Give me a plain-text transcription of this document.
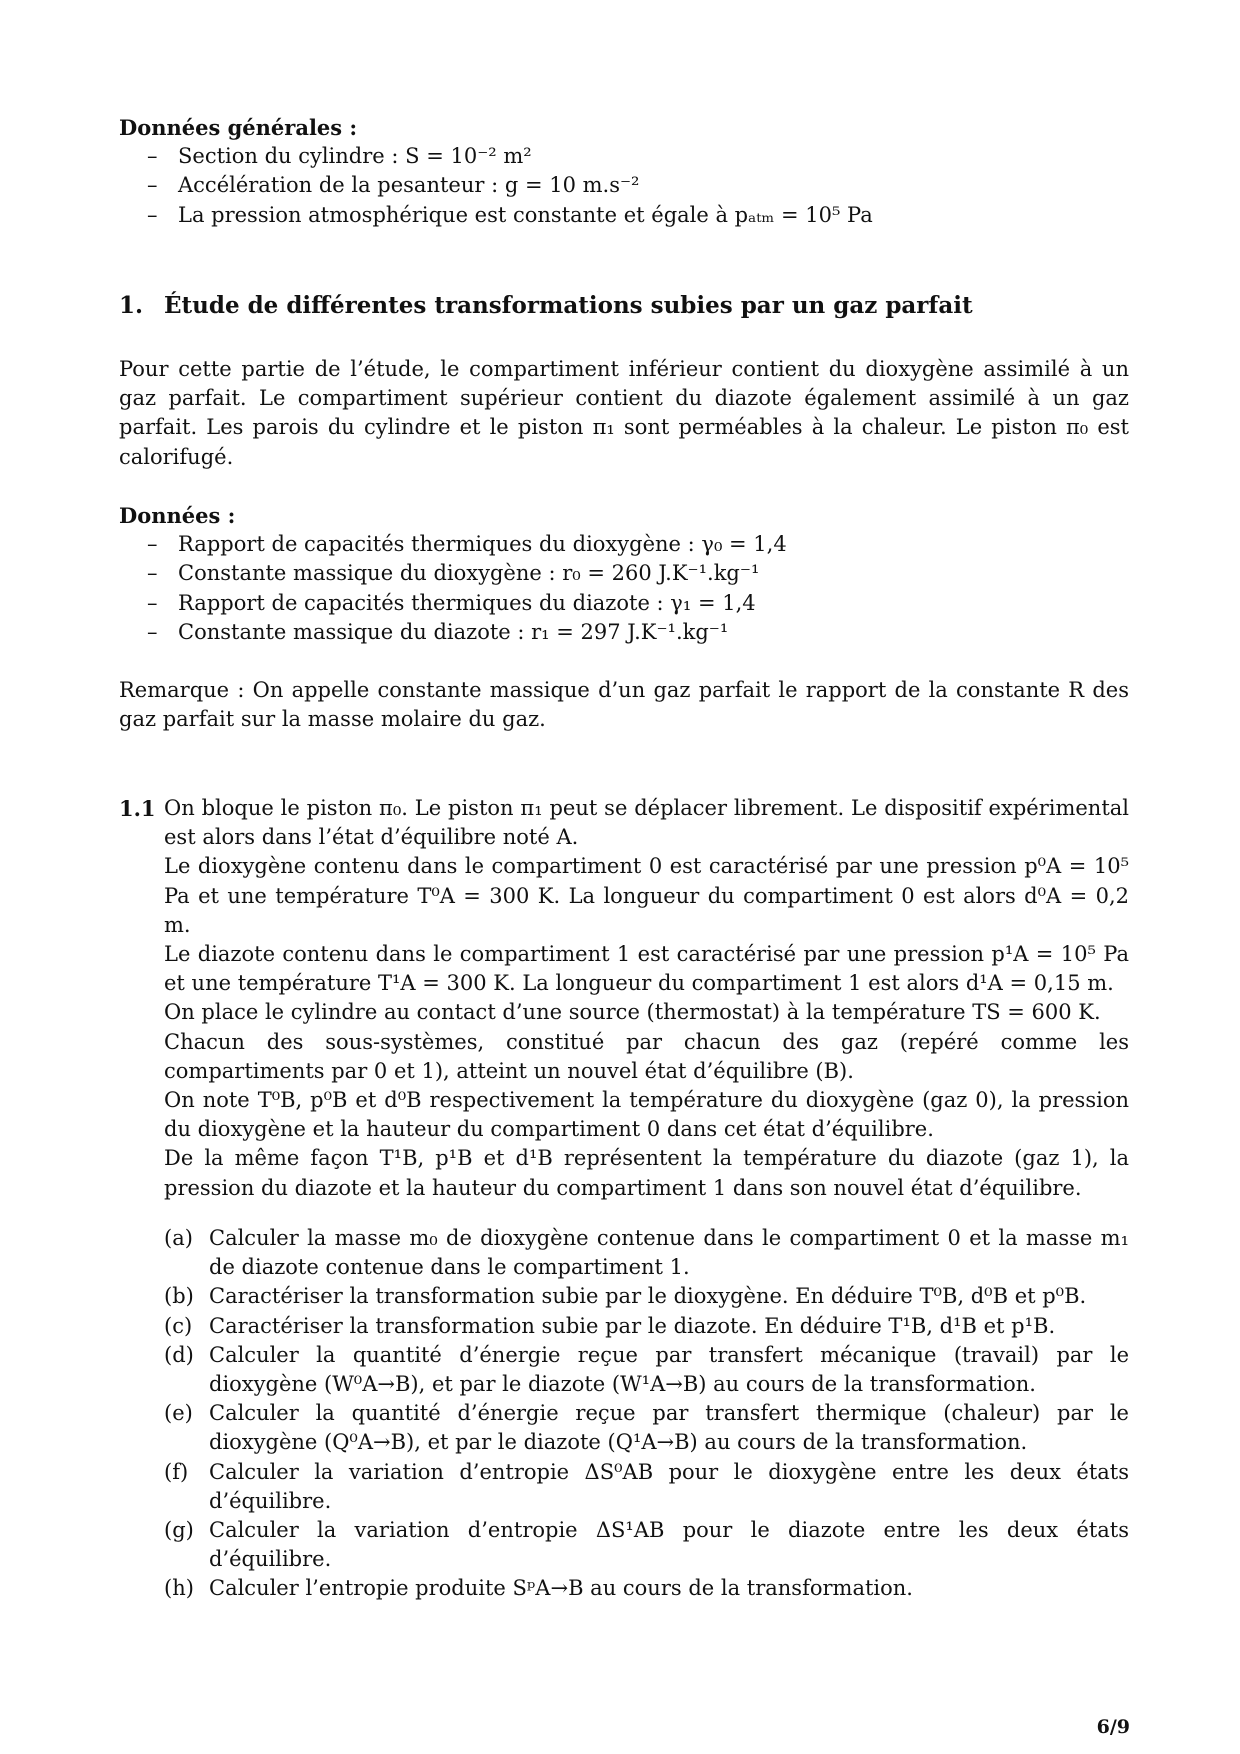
Données générales :
– Section du cylindre : S = 10⁻² m²
– Accélération de la pesanteur : g = 10 m.s⁻²
– La pression atmosphérique est constante et égale à pₐₜₘ = 10⁵ Pa
1. Étude de différentes transformations subies par un gaz parfait
Pour cette partie de l’étude, le compartiment inférieur contient du dioxygène assimilé à un gaz parfait. Le compartiment supérieur contient du diazote également assimilé à un gaz parfait. Les parois du cylindre et le piston π₁ sont perméables à la chaleur. Le piston π₀ est calorifugé.
Données :
– Rapport de capacités thermiques du dioxygène : γ₀ = 1,4
– Constante massique du dioxygène : r₀ = 260 J.K⁻¹.kg⁻¹
– Rapport de capacités thermiques du diazote : γ₁ = 1,4
– Constante massique du diazote : r₁ = 297 J.K⁻¹.kg⁻¹
Remarque : On appelle constante massique d’un gaz parfait le rapport de la constante R des gaz parfait sur la masse molaire du gaz.
1.1 On bloque le piston π₀. Le piston π₁ peut se déplacer librement. Le dispositif expérimental est alors dans l’état d’équilibre noté A.

Le dioxygène contenu dans le compartiment 0 est caractérisé par une pression p⁰A = 10⁵ Pa et une température T⁰A = 300 K. La longueur du compartiment 0 est alors d⁰A = 0,2 m.

Le diazote contenu dans le compartiment 1 est caractérisé par une pression p¹A = 10⁵ Pa et une température T¹A = 300 K. La longueur du compartiment 1 est alors d¹A = 0,15 m.

On place le cylindre au contact d’une source (thermostat) à la température TS = 600 K.

Chacun des sous-systèmes, constitué par chacun des gaz (repéré comme les compartiments par 0 et 1), atteint un nouvel état d’équilibre (B).

On note T⁰B, p⁰B et d⁰B respectivement la température du dioxygène (gaz 0), la pression du dioxygène et la hauteur du compartiment 0 dans cet état d’équilibre.

De la même façon T¹B, p¹B et d¹B représentent la température du diazote (gaz 1), la pression du diazote et la hauteur du compartiment 1 dans son nouvel état d’équilibre.

(a) Calculer la masse m₀ de dioxygène contenue dans le compartiment 0 et la masse m₁ de diazote contenue dans le compartiment 1.
(b) Caractériser la transformation subie par le dioxygène. En déduire T⁰B, d⁰B et p⁰B.
(c) Caractériser la transformation subie par le diazote. En déduire T¹B, d¹B et p¹B.
(d) Calculer la quantité d’énergie reçue par transfert mécanique (travail) par le dioxygène (W⁰A→B), et par le diazote (W¹A→B) au cours de la transformation.
(e) Calculer la quantité d’énergie reçue par transfert thermique (chaleur) par le dioxygène (Q⁰A→B), et par le diazote (Q¹A→B) au cours de la transformation.
(f) Calculer la variation d’entropie ΔS⁰AB pour le dioxygène entre les deux états d’équilibre.
(g) Calculer la variation d’entropie ΔS¹AB pour le diazote entre les deux états d’équilibre.
(h) Calculer l’entropie produite SᵖA→B au cours de la transformation.
6/9
